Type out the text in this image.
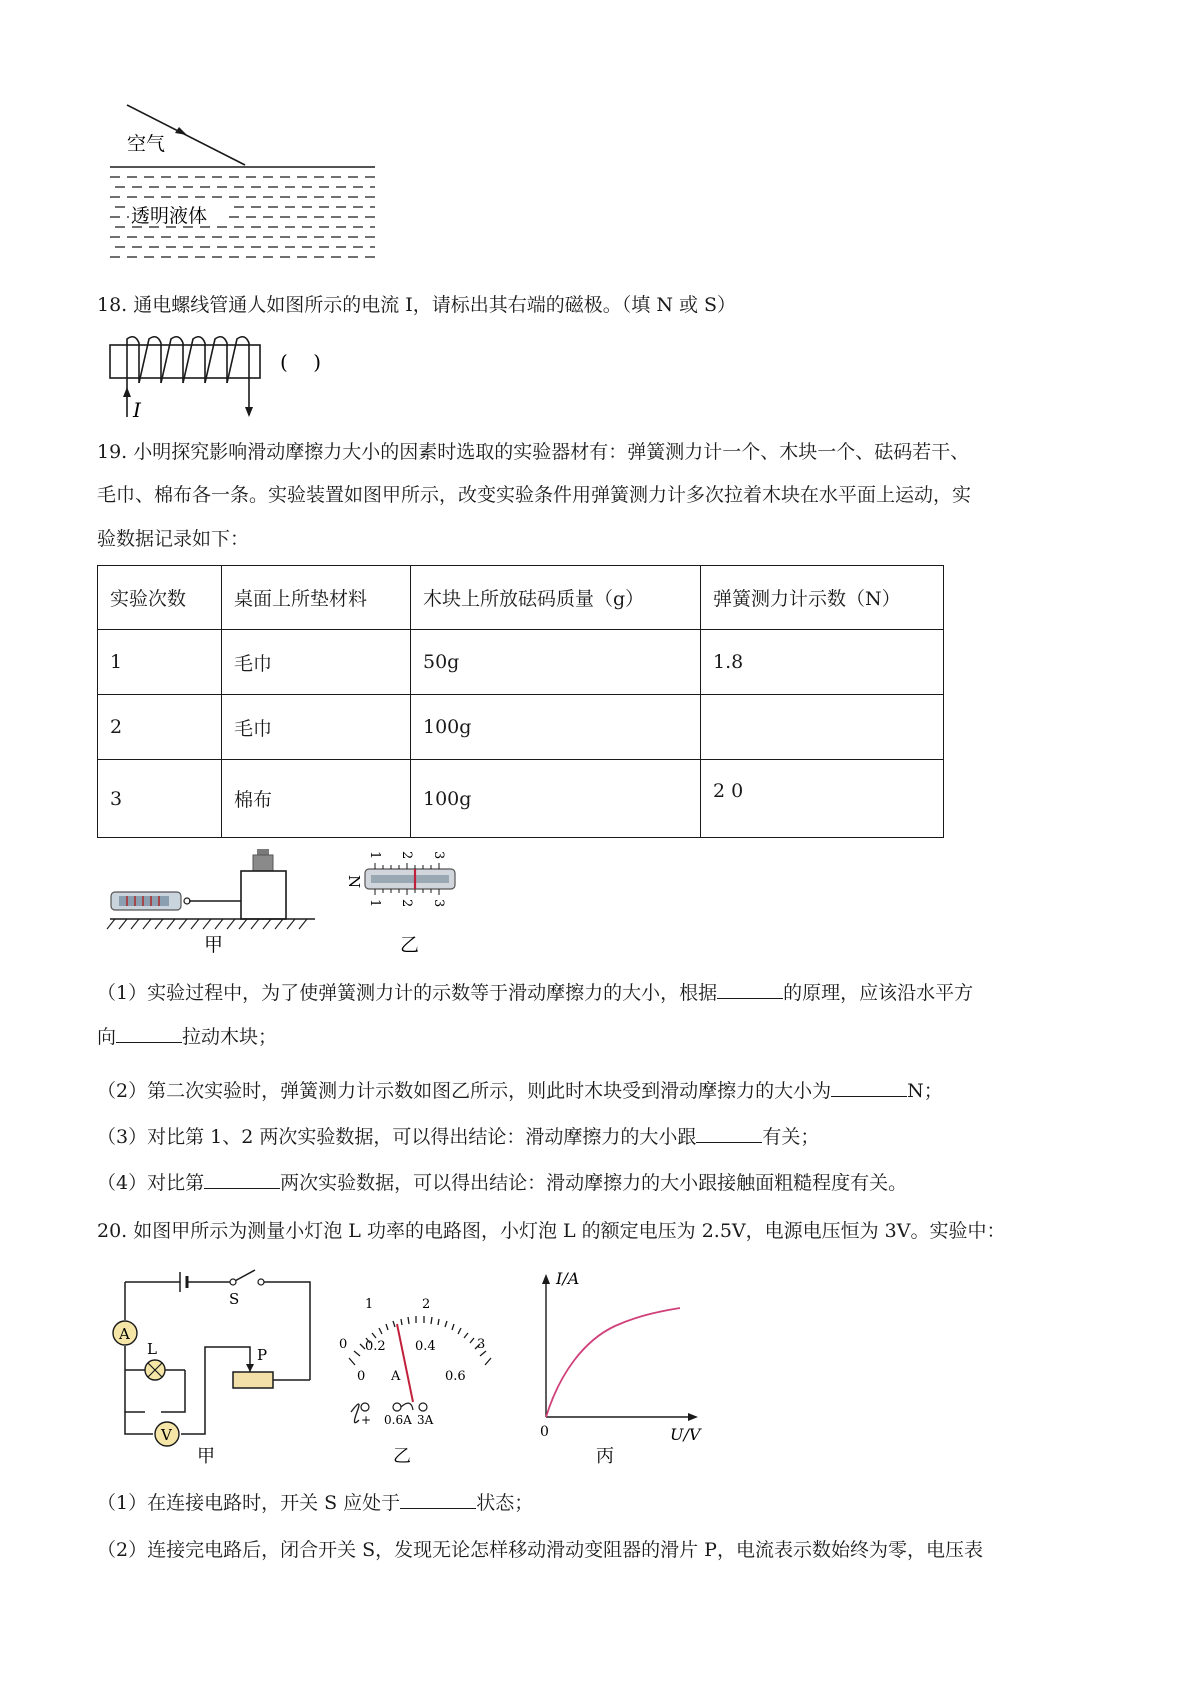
空气
透明液体
18. 通电螺线管通人如图所示的电流 I，请标出其右端的磁极。（填 N 或 S）
I
(    )
19. 小明探究影响滑动摩擦力大小的因素时选取的实验器材有：弹簧测力计一个、木块一个、砝码若干、
毛巾、棉布各一条。实验装置如图甲所示，改变实验条件用弹簧测力计多次拉着木块在水平面上运动，实
验数据记录如下：
实验次数	桌面上所垫材料	木块上所放砝码质量（g）	弹簧测力计示数（N）
1	毛巾	50g	1.8
2	毛巾	100g	
3	棉布	100g	2 0
甲
N
1 2 3
1 2 3
乙
（1）实验过程中，为了使弹簧测力计的示数等于滑动摩擦力的大小，根据	的原理，应该沿水平方
向	拉动木块；
（2）第二次实验时，弹簧测力计示数如图乙所示，则此时木块受到滑动摩擦力的大小为	N；
（3）对比第 1、2 两次实验数据，可以得出结论：滑动摩擦力的大小跟	有关；
（4）对比第	两次实验数据，可以得出结论：滑动摩擦力的大小跟接触面粗糙程度有关。
20. 如图甲所示为测量小灯泡 L 功率的电路图，小灯泡 L 的额定电压为 2.5V，电源电压恒为 3V。实验中：
S
P
A
L
V
甲
0
1	2
3
0
0.2 0.4
0.6
A
+ 0.6A 3A
乙
I/A
U/V
0
丙
（1）在连接电路时，开关 S 应处于	状态；
（2）连接完电路后，闭合开关 S，发现无论怎样移动滑动变阻器的滑片 P，电流表示数始终为零，电压表
